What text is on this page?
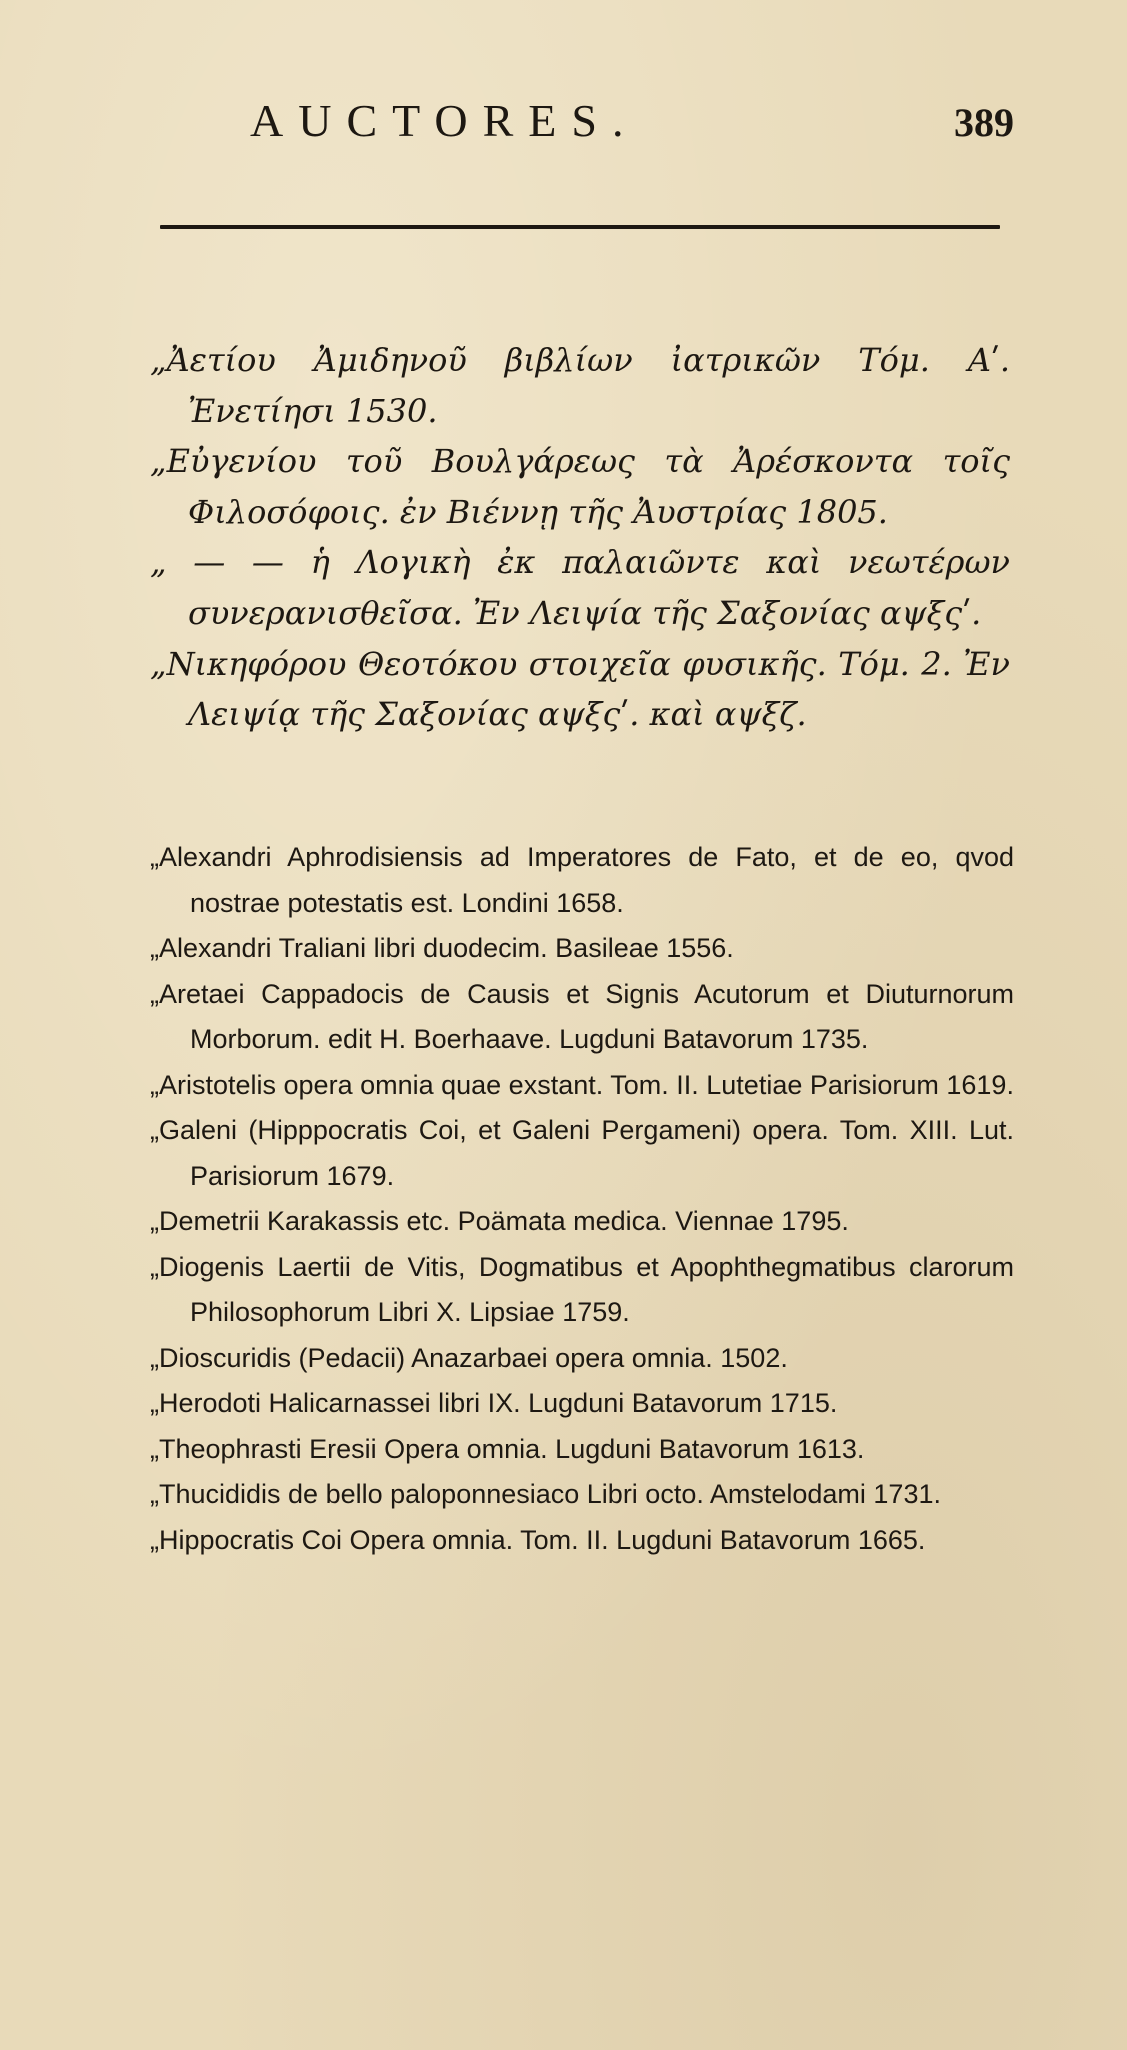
AUCTORES.	389

„Ἀετίου Ἀμιδηνοῦ βιβλίων ἰατρικῶν Τόμ. Αʹ. Ἐνετίησι 1530.

„Εὐγενίου τοῦ Βουλγάρεως τὰ Ἀρέσκοντα τοῖς Φιλοσόφοις. ἐν Βιέννῃ τῆς Ἀυστρίας 1805.

„ — — ἡ Λογικὴ ἐκ παλαιῶντε καὶ νεωτέρων συνερανισθεῖσα. Ἐν Λειψία τῆς Σαξονίας αψξςʹ.

„Νικηφόρου Θεοτόκου στοιχεῖα φυσικῆς. Τόμ. 2. Ἐν Λειψίᾳ τῆς Σαξονίας αψξςʹ. καὶ αψξζ.

„Alexandri Aphrodisiensis ad Imperatores de Fato, et de eo, qvod nostrae potestatis est. Londini 1658.

„Alexandri Traliani libri duodecim. Basileae 1556.

„Aretaei Cappadocis de Causis et Signis Acutorum et Diuturnorum Morborum. edit H. Boerhaave. Lugduni Batavorum 1735.

„Aristotelis opera omnia quae exstant. Tom. II. Lutetiae Parisiorum 1619.

„Galeni (Hipppocratis Coi, et Galeni Pergameni) opera. Tom. XIII. Lut. Parisiorum 1679.

„Demetrii Karakassis etc. Poämata medica. Viennae 1795.

„Diogenis Laertii de Vitis, Dogmatibus et Apophthegmatibus clarorum Philosophorum Libri X. Lipsiae 1759.

„Dioscuridis (Pedacii) Anazarbaei opera omnia. 1502.

„Herodoti Halicarnassei libri IX. Lugduni Batavorum 1715.

„Theophrasti Eresii Opera omnia. Lugduni Batavorum 1613.

„Thucididis de bello paloponnesiaco Libri octo. Amstelodami 1731.

„Hippocratis Coi Opera omnia. Tom. II. Lugduni Batavorum 1665.
